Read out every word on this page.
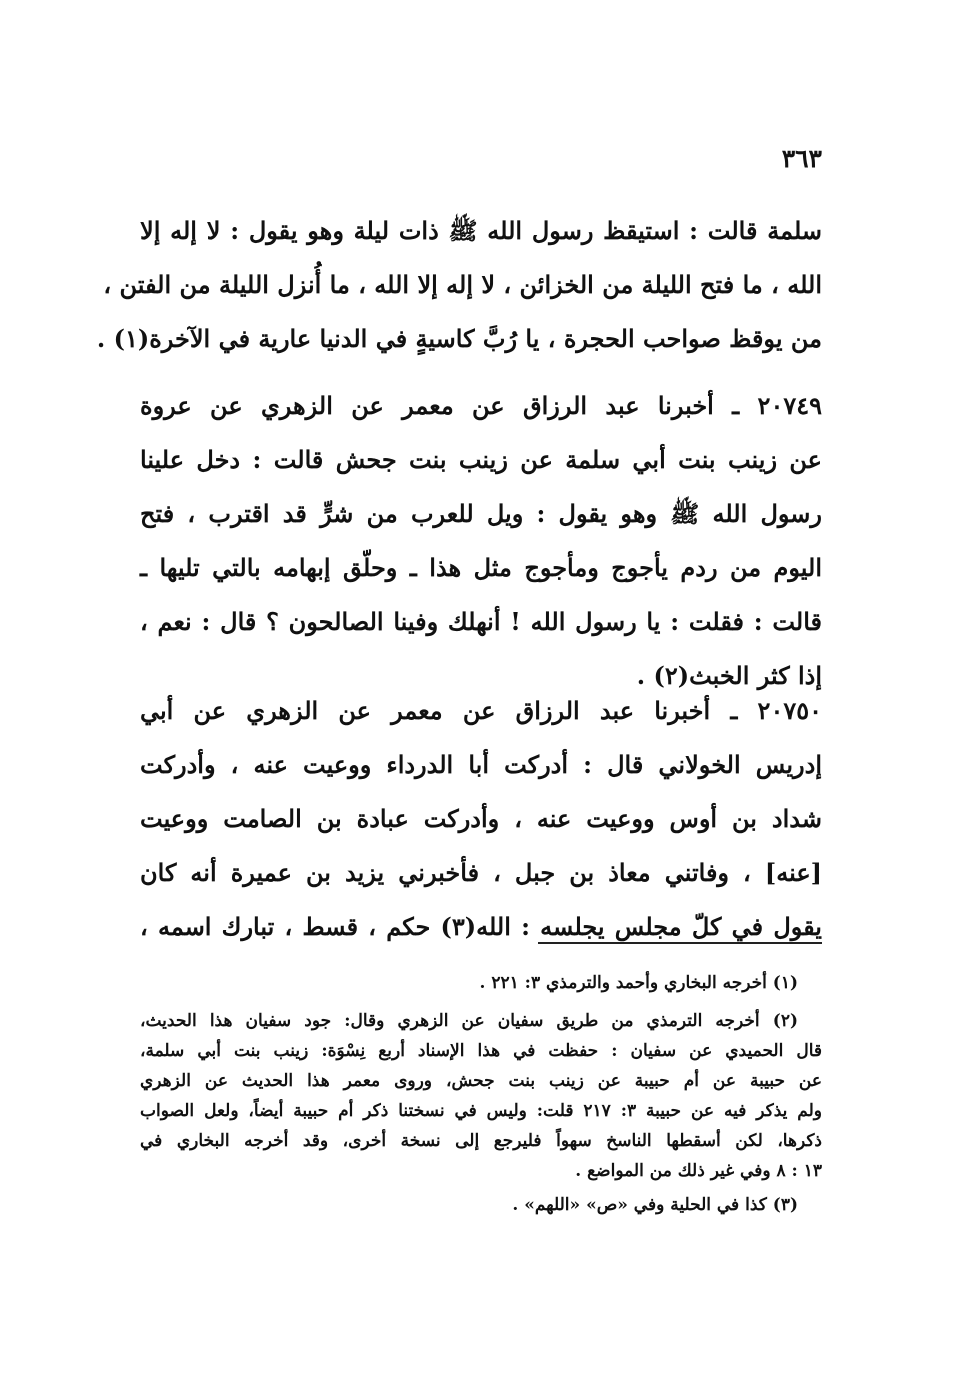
٣٦٣
سلمة قالت : استيقظ رسول الله ﷺ ذات ليلة وهو يقول : لا إله إلا
الله ، ما فتح الليلة من الخزائن ، لا إله إلا الله ، ما أُنزل الليلة من الفتن ،
من يوقظ صواحب الحجرة ، يا رُبَّ كاسيةٍ في الدنيا عارية في الآخرة(١) .
٢٠٧٤٩ ـ أخبرنا عبد الرزاق عن معمر عن الزهري عن عروة
عن زينب بنت أبي سلمة عن زينب بنت جحش قالت : دخل علينا
رسول الله ﷺ وهو يقول : ويل للعرب من شرٍّ قد اقترب ، فتح
اليوم من ردم يأجوج ومأجوج مثل هذا ـ وحلّق إبهامه بالتي تليها ـ
قالت : فقلت : يا رسول الله ! أنهلك وفينا الصالحون ؟ قال : نعم ،
إذا كثر الخبث(٢) .
٢٠٧٥٠ ـ أخبرنا عبد الرزاق عن معمر عن الزهري عن أبي
إدريس الخولاني قال : أدركت أبا الدرداء ووعيت عنه ، وأدركت
شداد بن أوس ووعيت عنه ، وأدركت عبادة بن الصامت ووعيت
[عنه] ، وفاتني معاذ بن جبل ، فأخبرني يزيد بن عميرة أنه كان
يقول في كلّ مجلس يجلسه : الله(٣) حكم ، قسط ، تبارك اسمه ،
(١) أخرجه البخاري وأحمد والترمذي ٣: ٢٢١ .
(٢) أخرجه الترمذي من طريق سفيان عن الزهري وقال: جود سفيان هذا الحديث،
قال الحميدي عن سفيان : حفظت في هذا الإسناد أربع نِسْوَة: زينب بنت أبي سلمة،
عن حبيبة عن أم حبيبة عن زينب بنت جحش، وروى معمر هذا الحديث عن الزهري
ولم يذكر فيه عن حبيبة ٣: ٢١٧ قلت: وليس في نسختنا ذكر أم حبيبة أيضاً، ولعل الصواب
ذكرها، لكن أسقطها الناسخ سهواً فليرجع إلى نسخة أخرى، وقد أخرجه البخاري في
١٣ : ٨ وفي غير ذلك من المواضع .
(٣) كذا في الحلية وفي «ص» «اللهم» .
